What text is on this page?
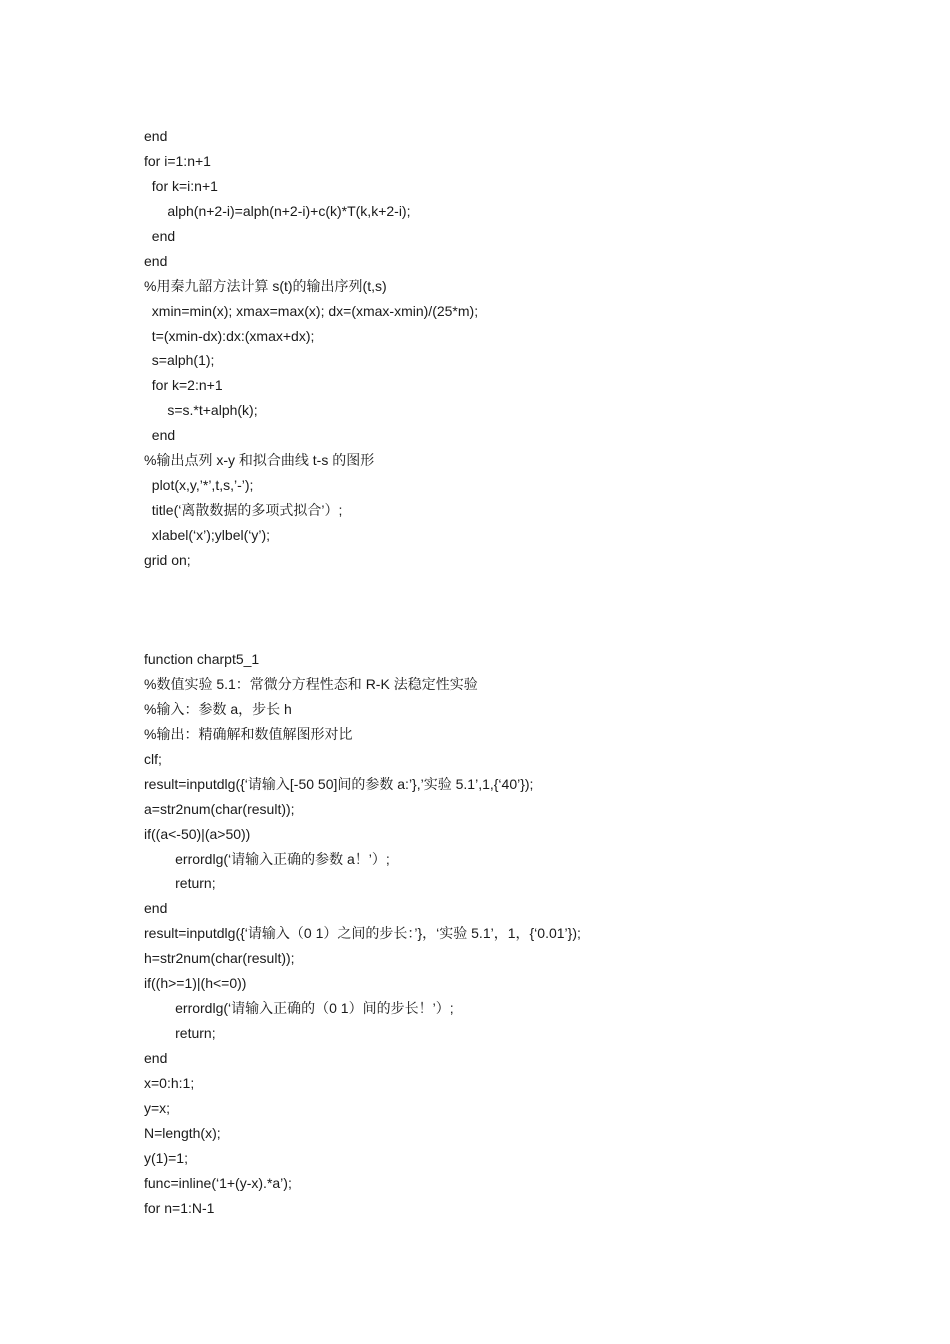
end
for i=1:n+1
for k=i:n+1
alph(n+2-i)=alph(n+2-i)+c(k)*T(k,k+2-i);
end
end
%用秦九韶方法计算 s(t)的输出序列(t,s)
xmin=min(x); xmax=max(x); dx=(xmax-xmin)/(25*m);
t=(xmin-dx):dx:(xmax+dx);
s=alph(1);
for k=2:n+1
s=s.*t+alph(k);
end
%输出点列 x-y 和拟合曲线 t-s 的图形
plot(x,y,’*’,t,s,’-’);
title(‘离散数据的多项式拟合’）;
xlabel(‘x’);ylbel(‘y’);
grid on;
function charpt5_1
%数值实验 5.1：常微分方程性态和 R-K 法稳定性实验
%输入：参数 a，步长 h
%输出：精确解和数值解图形对比
clf;
result=inputdlg({‘请输入[-50 50]间的参数 a:’},’实验 5.1’,1,{‘40’});
a=str2num(char(result));
if((a<-50)|(a>50))
errordlg(‘请输入正确的参数 a！’）;
return;
end
result=inputdlg({‘请输入（0 1）之间的步长：’}，‘实验 5.1’，1，{‘0.01’});
h=str2num(char(result));
if((h>=1)|(h<=0))
errordlg(‘请输入正确的（0 1）间的步长！’）;
return;
end
x=0:h:1;
y=x;
N=length(x);
y(1)=1;
func=inline(‘1+(y-x).*a’);
for n=1:N-1
